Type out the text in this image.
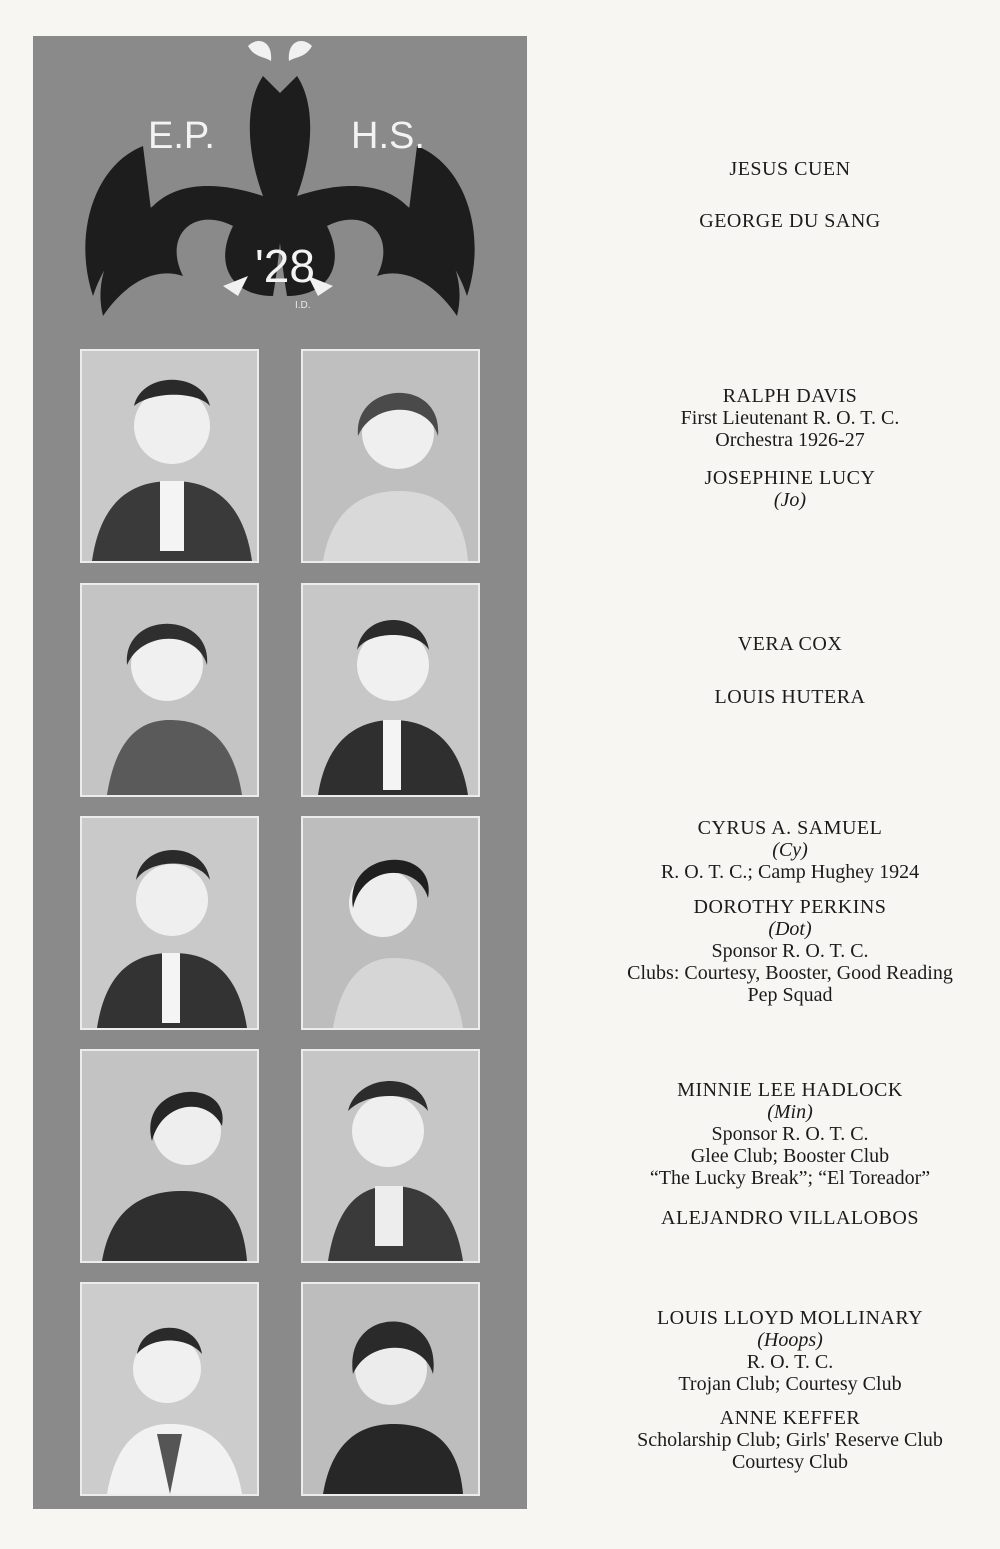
E.P.	H.S.
'28
I.D.
JESUS CUEN
GEORGE DU SANG
RALPH DAVIS
First Lieutenant R. O. T. C.
Orchestra 1926-27
JOSEPHINE LUCY
(Jo)
VERA COX
LOUIS HUTERA
CYRUS A. SAMUEL
(Cy)
R. O. T. C.; Camp Hughey 1924
DOROTHY PERKINS
(Dot)
Sponsor R. O. T. C.
Clubs: Courtesy, Booster, Good Reading
Pep Squad
MINNIE LEE HADLOCK
(Min)
Sponsor R. O. T. C.
Glee Club; Booster Club
“The Lucky Break”; “El Toreador”
ALEJANDRO VILLALOBOS
LOUIS LLOYD MOLLINARY
(Hoops)
R. O. T. C.
Trojan Club; Courtesy Club
ANNE KEFFER
Scholarship Club; Girls' Reserve Club
Courtesy Club
